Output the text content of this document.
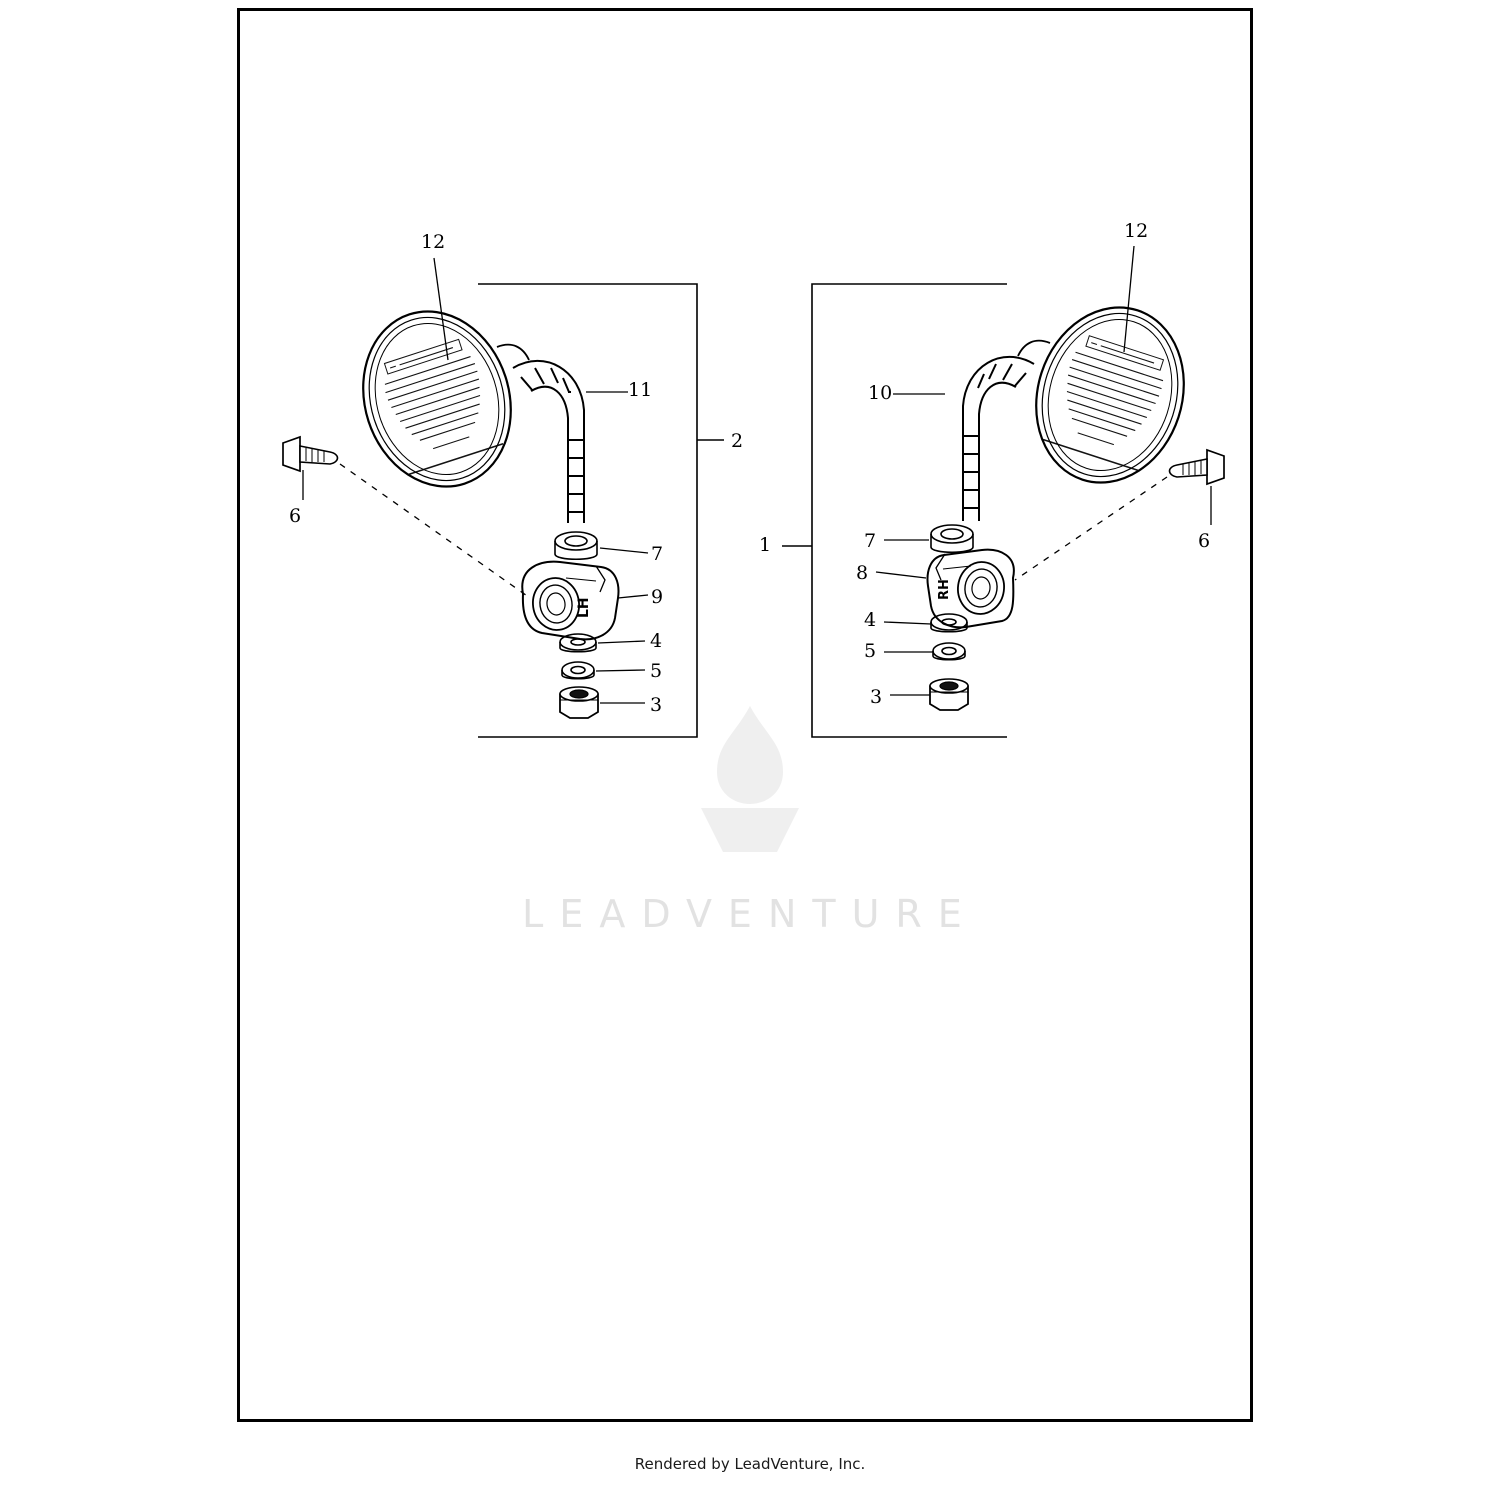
LEADVENTURE
LH
RH
12
11
2
6
7
9
4
5
3
12
10
1	7
8
6
4
5
3
Rendered by LeadVenture, Inc.
